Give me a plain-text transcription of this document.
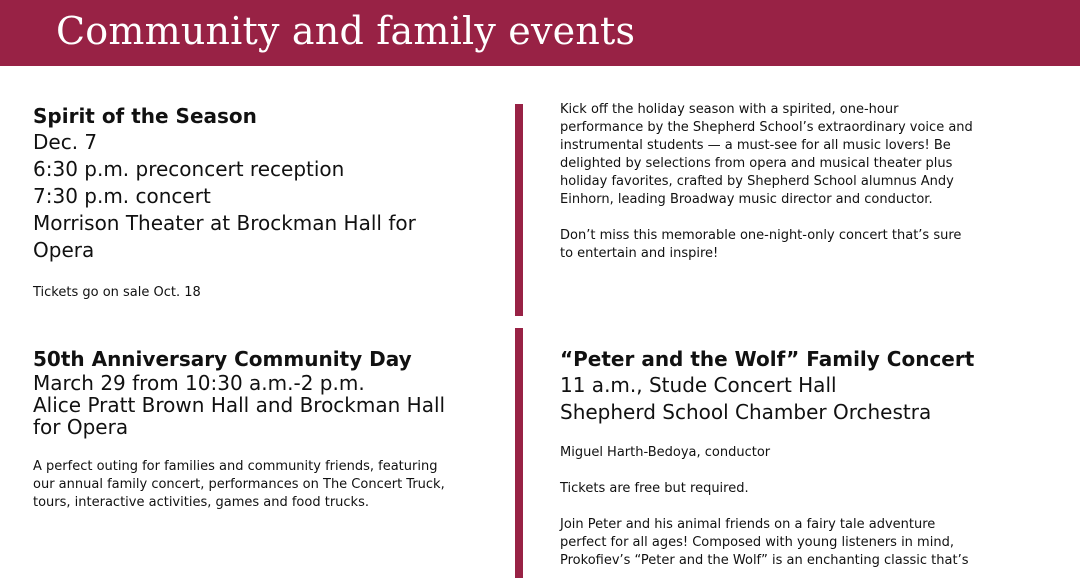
Community and family events
Spirit of the Season
Dec. 7
6:30 p.m. preconcert reception
7:30 p.m. concert
Morrison Theater at Brockman Hall for
Opera
Tickets go on sale Oct. 18

Kick off the holiday season with a spirited, one-hour
performance by the Shepherd School’s extraordinary voice and
instrumental students — a must-see for all music lovers! Be
delighted by selections from opera and musical theater plus
holiday favorites, crafted by Shepherd School alumnus Andy
Einhorn, leading Broadway music director and conductor.

Don’t miss this memorable one-night-only concert that’s sure
to entertain and inspire!

50th Anniversary Community Day
March 29 from 10:30 a.m.-2 p.m.
Alice Pratt Brown Hall and Brockman Hall
for Opera

A perfect outing for families and community friends, featuring
our annual family concert, performances on The Concert Truck,
tours, interactive activities, games and food trucks.

“Peter and the Wolf” Family Concert
11 a.m., Stude Concert Hall
Shepherd School Chamber Orchestra
Miguel Harth-Bedoya, conductor
Tickets are free but required.

Join Peter and his animal friends on a fairy tale adventure
perfect for all ages! Composed with young listeners in mind,
Prokofiev’s “Peter and the Wolf” is an enchanting classic that’s
